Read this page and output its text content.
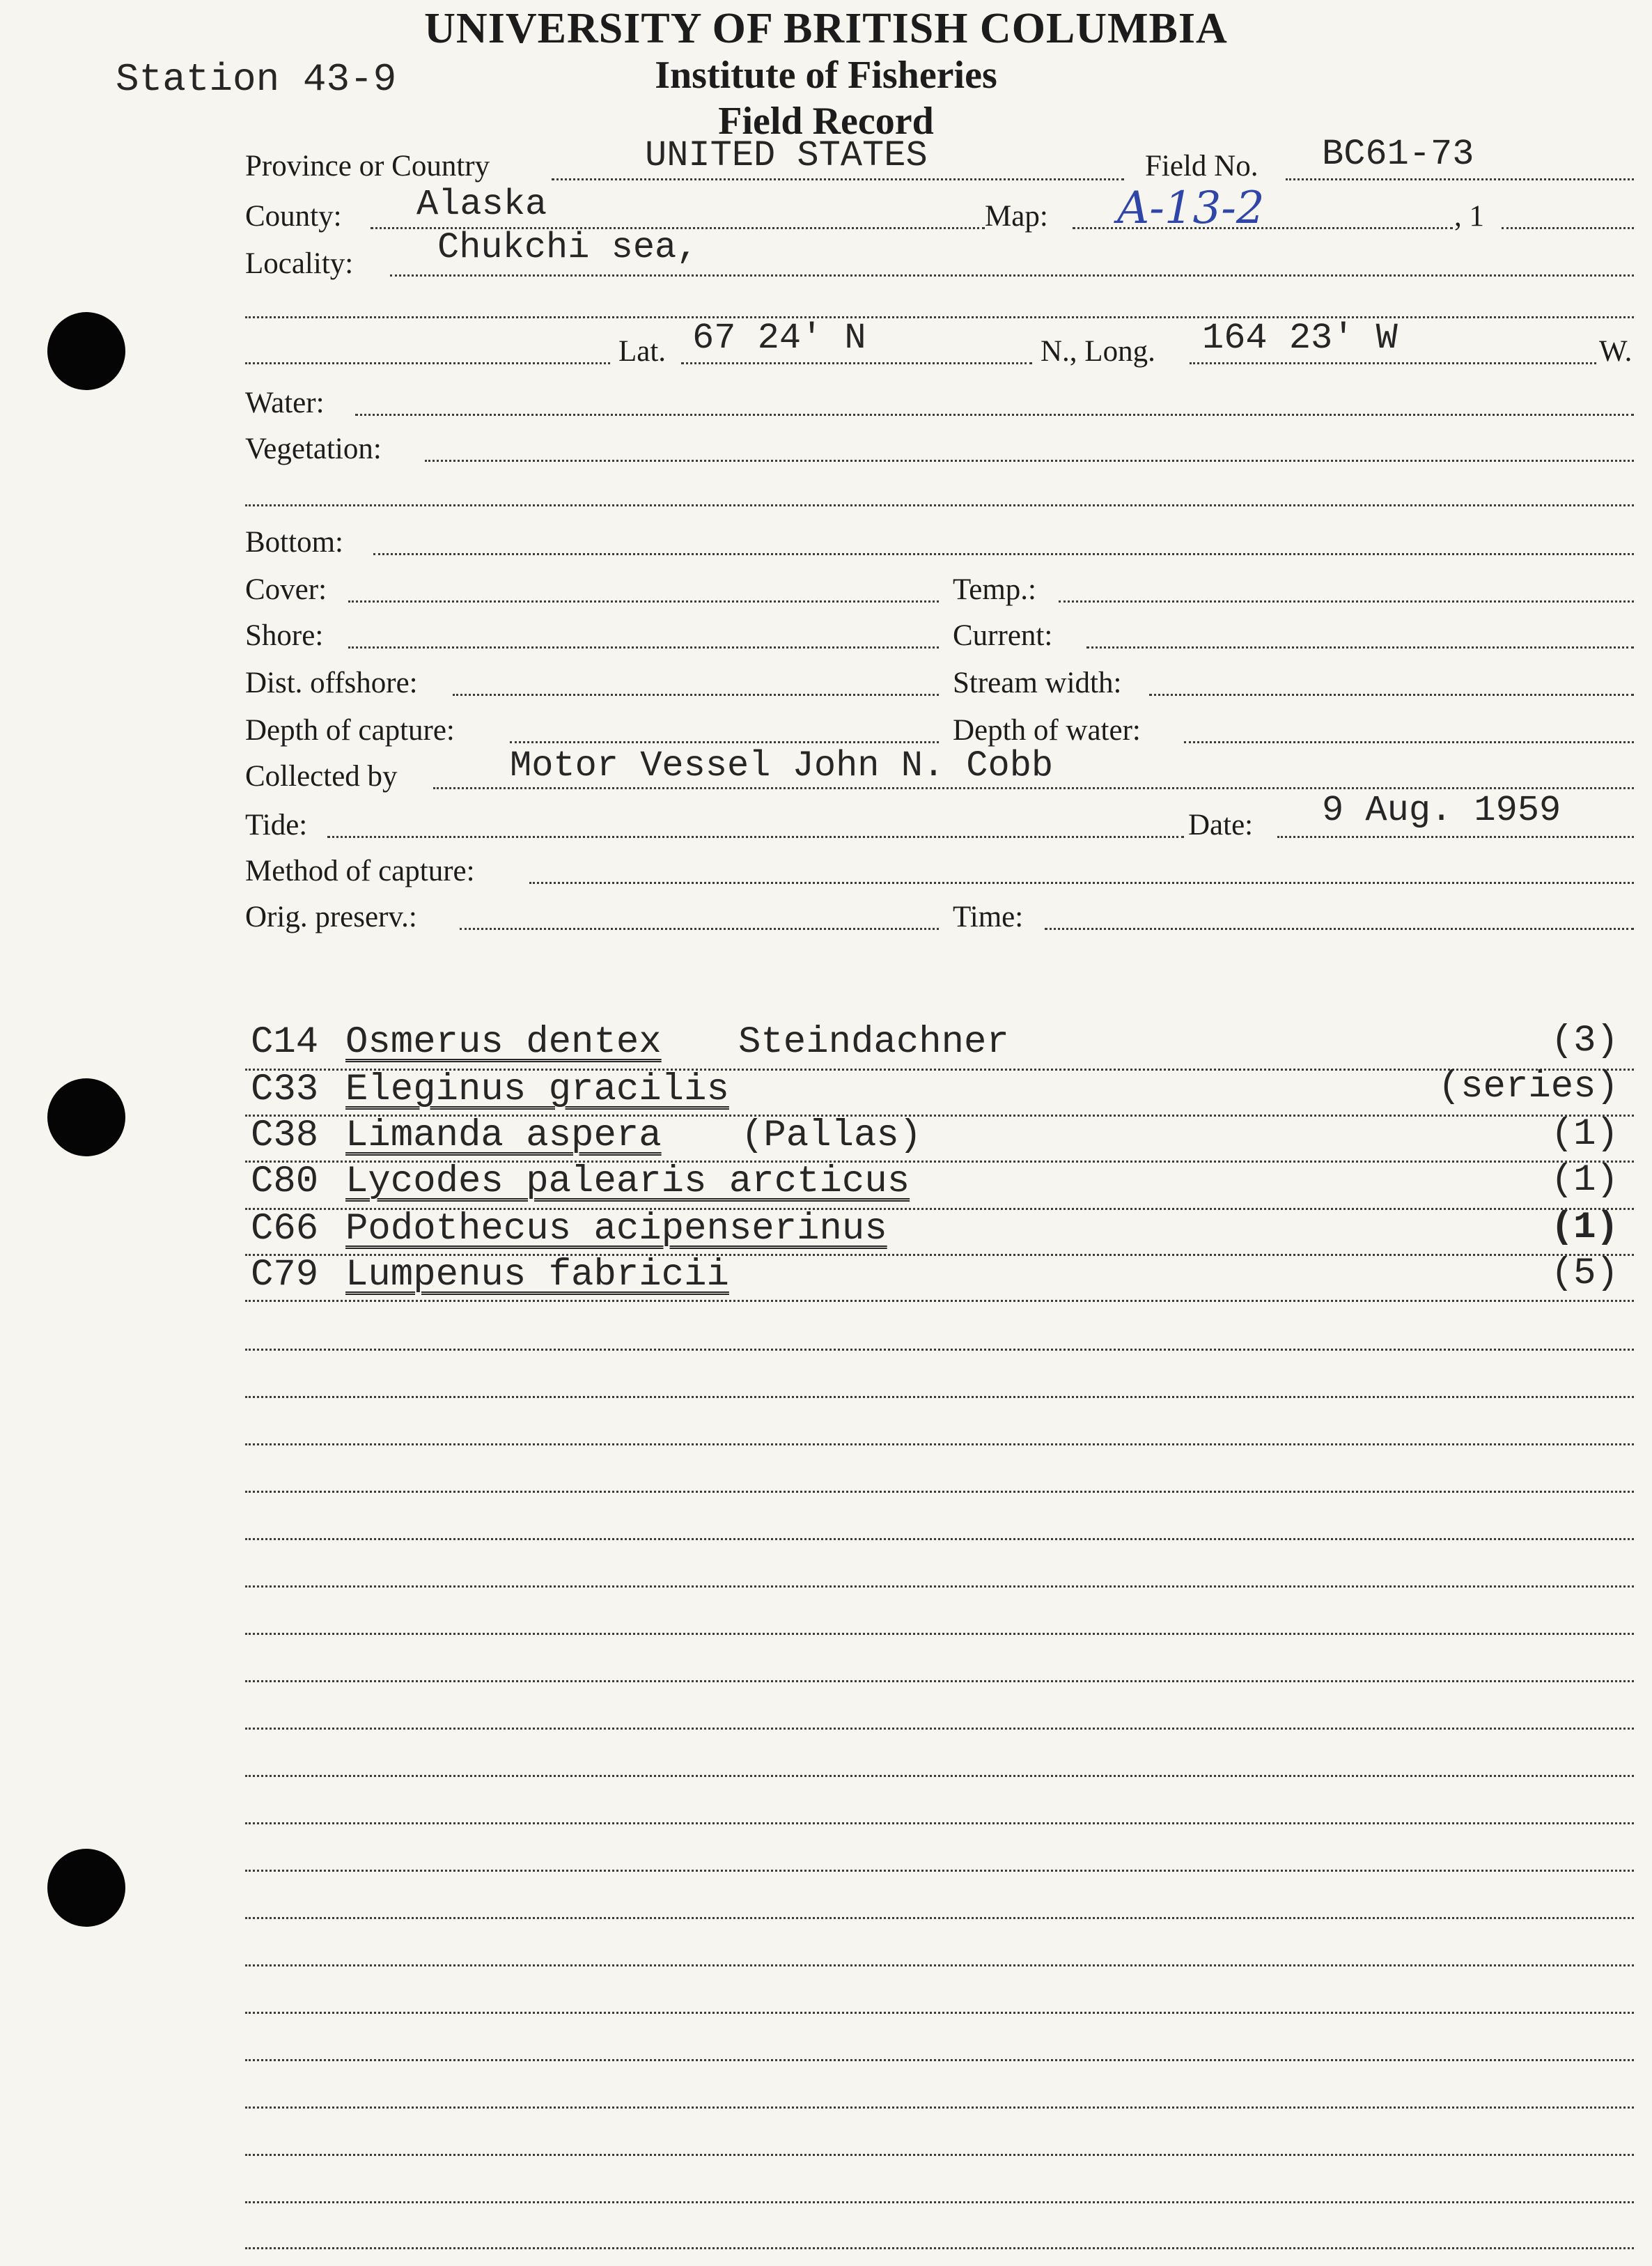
Station 43-9
UNIVERSITY OF BRITISH COLUMBIA
Institute of Fisheries
Field Record
Province or Country	UNITED STATES	Field No. BC61-73
County: Alaska	Map: A-13-2	, 1
Locality: Chukchi sea,
Lat. 67 24' N	N., Long. 164 23' W	W.
Water:
Vegetation:
Bottom:
Cover:	Temp.:
Shore:	Current:
Dist. offshore:	Stream width:
Depth of capture:	Depth of water:
Collected by	Motor Vessel John N. Cobb
Tide:	Date: 9 Aug. 1959
Method of capture:
Orig. preserv.:	Time:
C14 Osmerus dentex Steindachner	(3)
C33 Eleginus gracilis	(series)
C38 Limanda aspera (Pallas)	(1)
C80 Lycodes palearis arcticus	(1)
C66 Podothecus acipenserinus	(1)
C79 Lumpenus fabricii	(5)
